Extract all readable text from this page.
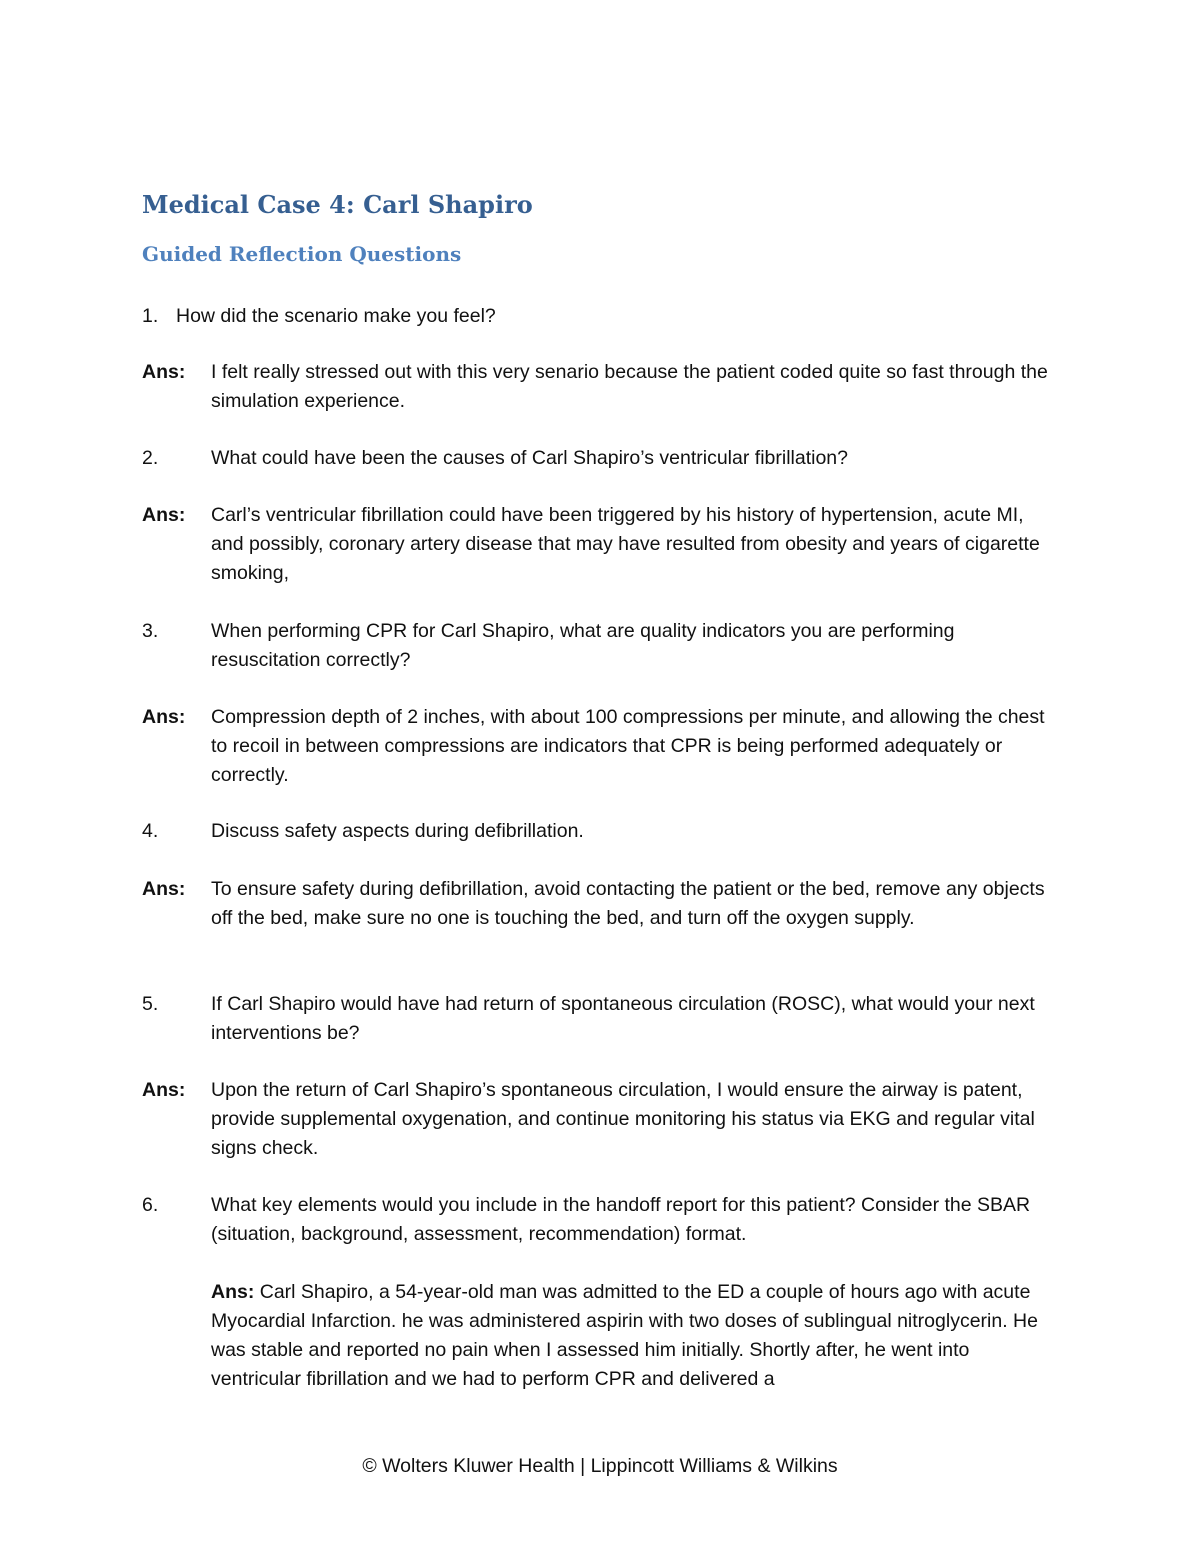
Medical Case 4: Carl Shapiro
Guided Reflection Questions
1. How did the scenario make you feel?
Ans: I felt really stressed out with this very senario because the patient coded quite so fast through the simulation experience.
2.	What could have been the causes of Carl Shapiro’s ventricular fibrillation?
Ans: Carl’s ventricular fibrillation could have been triggered by his history of hypertension, acute MI, and possibly, coronary artery disease that may have resulted from obesity and years of cigarette smoking,
3.	When performing CPR for Carl Shapiro, what are quality indicators you are performing resuscitation correctly?
Ans: Compression depth of 2 inches, with about 100 compressions per minute, and allowing the chest to recoil in between compressions are indicators that CPR is being performed adequately or correctly.
4.	Discuss safety aspects during defibrillation.
Ans: To ensure safety during defibrillation, avoid contacting the patient or the bed, remove any objects off the bed, make sure no one is touching the bed, and turn off the oxygen supply.
5.	If Carl Shapiro would have had return of spontaneous circulation (ROSC), what would your next interventions be?
Ans: Upon the return of Carl Shapiro’s spontaneous circulation, I would ensure the airway is patent, provide supplemental oxygenation, and continue monitoring his status via EKG and regular vital signs check.
6.	What key elements would you include in the handoff report for this patient? Consider the SBAR (situation, background, assessment, recommendation) format.
Ans: Carl Shapiro, a 54-year-old man was admitted to the ED a couple of hours ago with acute Myocardial Infarction. he was administered aspirin with two doses of sublingual nitroglycerin. He was stable and reported no pain when I assessed him initially. Shortly after, he went into ventricular fibrillation and we had to perform CPR and delivered a
© Wolters Kluwer Health | Lippincott Williams & Wilkins
